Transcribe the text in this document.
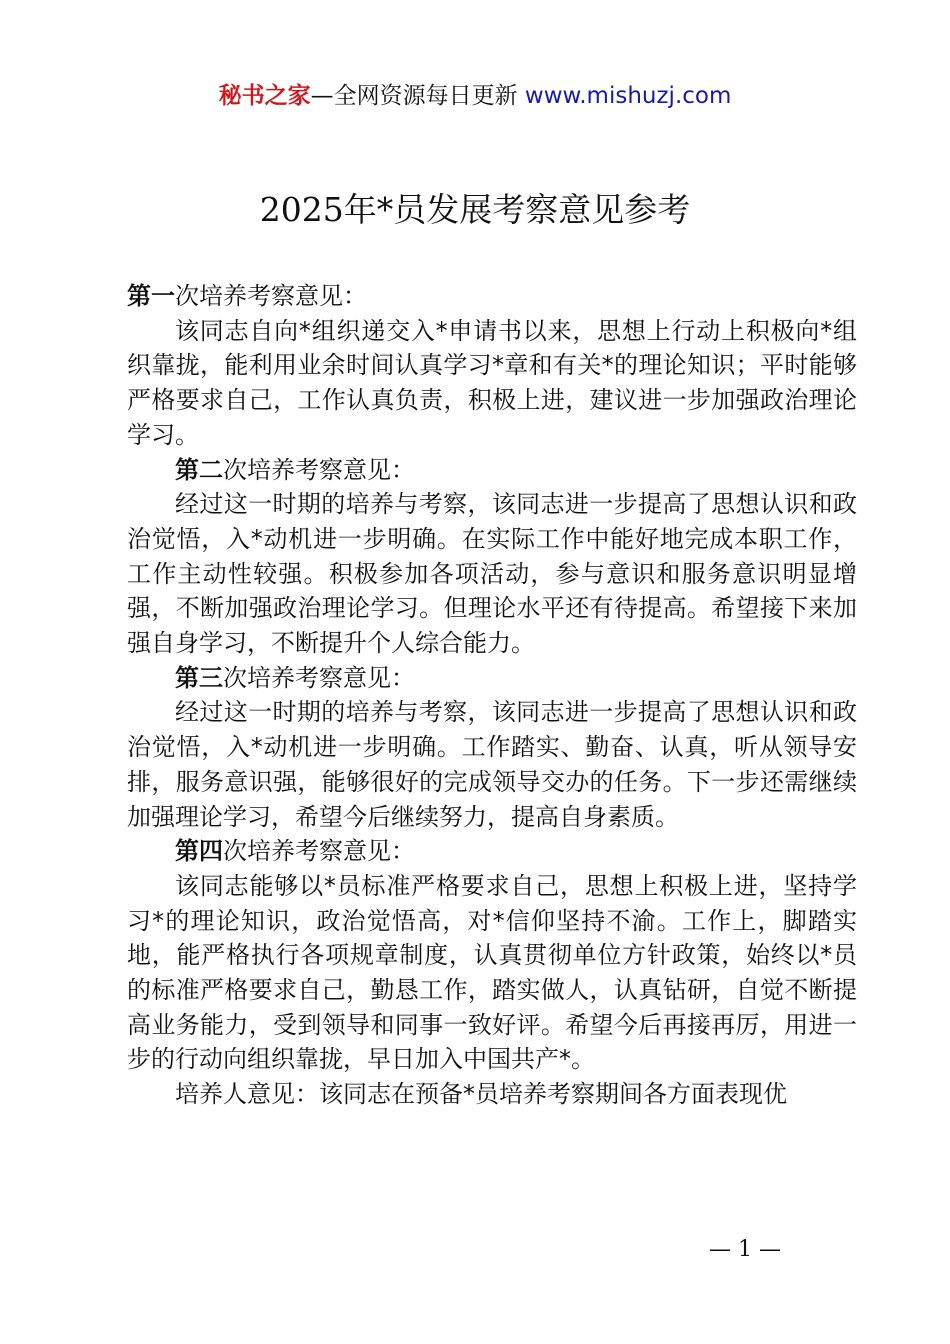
秘书之家—全网资源每日更新 www.mishuzj.com
2025年*员发展考察意见参考

第一次培养考察意见：

该同志自向*组织递交入*申请书以来，思想上行动上积极向*组织靠拢，能利用业余时间认真学习*章和有关*的理论知识；平时能够严格要求自己，工作认真负责，积极上进，建议进一步加强政治理论学习。

第二次培养考察意见：

经过这一时期的培养与考察，该同志进一步提高了思想认识和政治觉悟，入*动机进一步明确。在实际工作中能好地完成本职工作，工作主动性较强。积极参加各项活动，参与意识和服务意识明显增强，不断加强政治理论学习。但理论水平还有待提高。希望接下来加强自身学习，不断提升个人综合能力。

第三次培养考察意见：

经过这一时期的培养与考察，该同志进一步提高了思想认识和政治觉悟，入*动机进一步明确。工作踏实、勤奋、认真，听从领导安排，服务意识强，能够很好的完成领导交办的任务。下一步还需继续加强理论学习，希望今后继续努力，提高自身素质。

第四次培养考察意见：

该同志能够以*员标准严格要求自己，思想上积极上进，坚持学习*的理论知识，政治觉悟高，对*信仰坚持不渝。工作上，脚踏实地，能严格执行各项规章制度，认真贯彻单位方针政策，始终以*员的标准严格要求自己，勤恳工作，踏实做人，认真钻研，自觉不断提高业务能力，受到领导和同事一致好评。希望今后再接再厉，用进一步的行动向组织靠拢，早日加入中国共产*。

培养人意见：该同志在预备*员培养考察期间各方面表现优

— 1 —
